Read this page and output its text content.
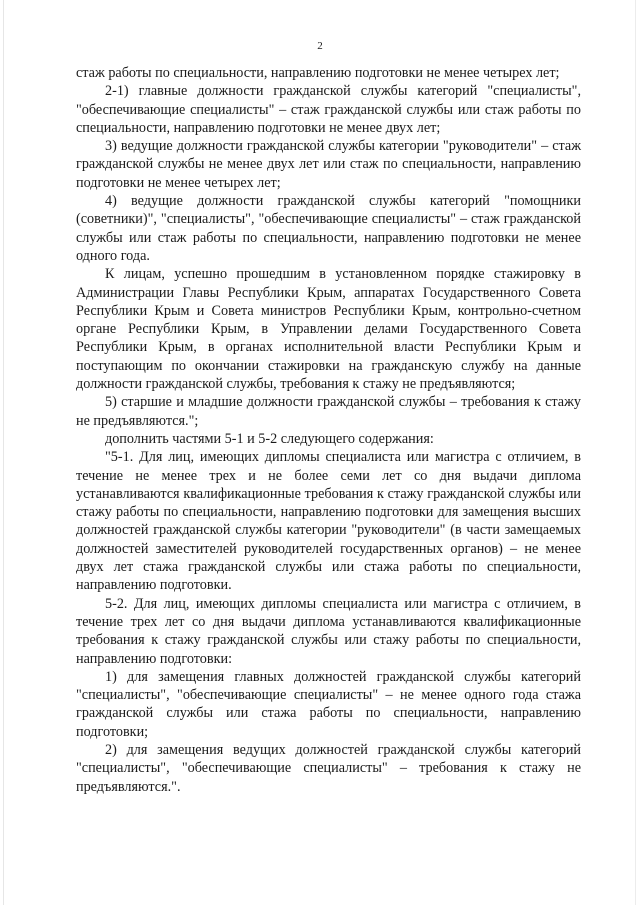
2

стаж работы по специальности, направлению подготовки не менее четырех лет;

2-1) главные должности гражданской службы категорий "специалисты", "обеспечивающие специалисты" – стаж гражданской службы или стаж работы по специальности, направлению подготовки не менее двух лет;

3) ведущие должности гражданской службы категории "руководители" – стаж гражданской службы не менее двух лет или стаж по специальности, направлению подготовки не менее четырех лет;

4) ведущие должности гражданской службы категорий "помощники (советники)", "специалисты", "обеспечивающие специалисты" – стаж гражданской службы или стаж работы по специальности, направлению подготовки не менее одного года.

К лицам, успешно прошедшим в установленном порядке стажировку в Администрации Главы Республики Крым, аппаратах Государственного Совета Республики Крым и Совета министров Республики Крым, контрольно-счетном органе Республики Крым, в Управлении делами Государственного Совета Республики Крым, в органах исполнительной власти Республики Крым и поступающим по окончании стажировки на гражданскую службу на данные должности гражданской службы, требования к стажу не предъявляются;

5) старшие и младшие должности гражданской службы – требования к стажу не предъявляются.";

дополнить частями 5-1 и 5-2 следующего содержания:

"5-1. Для лиц, имеющих дипломы специалиста или магистра с отличием, в течение не менее трех и не более семи лет со дня выдачи диплома устанавливаются квалификационные требования к стажу гражданской службы или стажу работы по специальности, направлению подготовки для замещения высших должностей гражданской службы категории "руководители" (в части замещаемых должностей заместителей руководителей государственных органов) – не менее двух лет стажа гражданской службы или стажа работы по специальности, направлению подготовки.

5-2. Для лиц, имеющих дипломы специалиста или магистра с отличием, в течение трех лет со дня выдачи диплома устанавливаются квалификационные требования к стажу гражданской службы или стажу работы по специальности, направлению подготовки:

1) для замещения главных должностей гражданской службы категорий "специалисты", "обеспечивающие специалисты" – не менее одного года стажа гражданской службы или стажа работы по специальности, направлению подготовки;

2) для замещения ведущих должностей гражданской службы категорий "специалисты", "обеспечивающие специалисты" – требования к стажу не предъявляются.".
